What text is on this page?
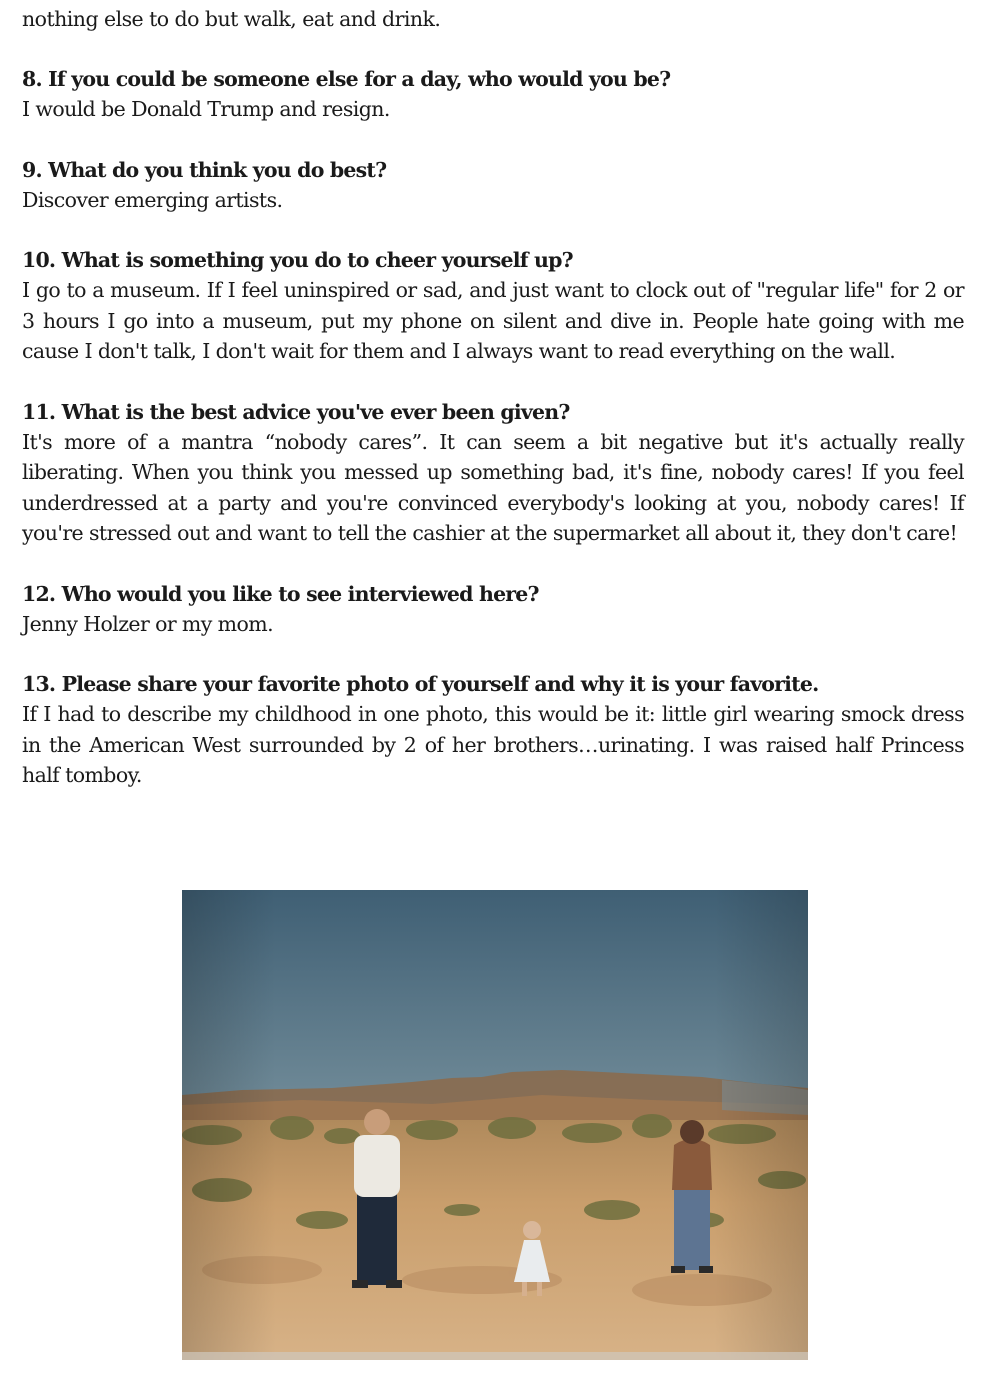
nothing else to do but walk, eat and drink.

8. If you could be someone else for a day, who would you be?

I would be Donald Trump and resign.

9. What do you think you do best?

Discover emerging artists.

10. What is something you do to cheer yourself up?

I go to a museum. If I feel uninspired or sad, and just want to clock out of "regular life" for 2 or 3 hours I go into a museum, put my phone on silent and dive in. People hate going with me cause I don't talk, I don't wait for them and I always want to read everything on the wall.

11. What is the best advice you've ever been given?

It's more of a mantra “nobody cares”. It can seem a bit negative but it's actually really liberating. When you think you messed up something bad, it's fine, nobody cares! If you feel underdressed at a party and you're convinced everybody's looking at you, nobody cares! If you're stressed out and want to tell the cashier at the supermarket all about it, they don't care!

12. Who would you like to see interviewed here?

Jenny Holzer or my mom.

13. Please share your favorite photo of yourself and why it is your favorite.

If I had to describe my childhood in one photo, this would be it: little girl wearing smock dress in the American West surrounded by 2 of her brothers…urinating. I was raised half Princess half tomboy.
